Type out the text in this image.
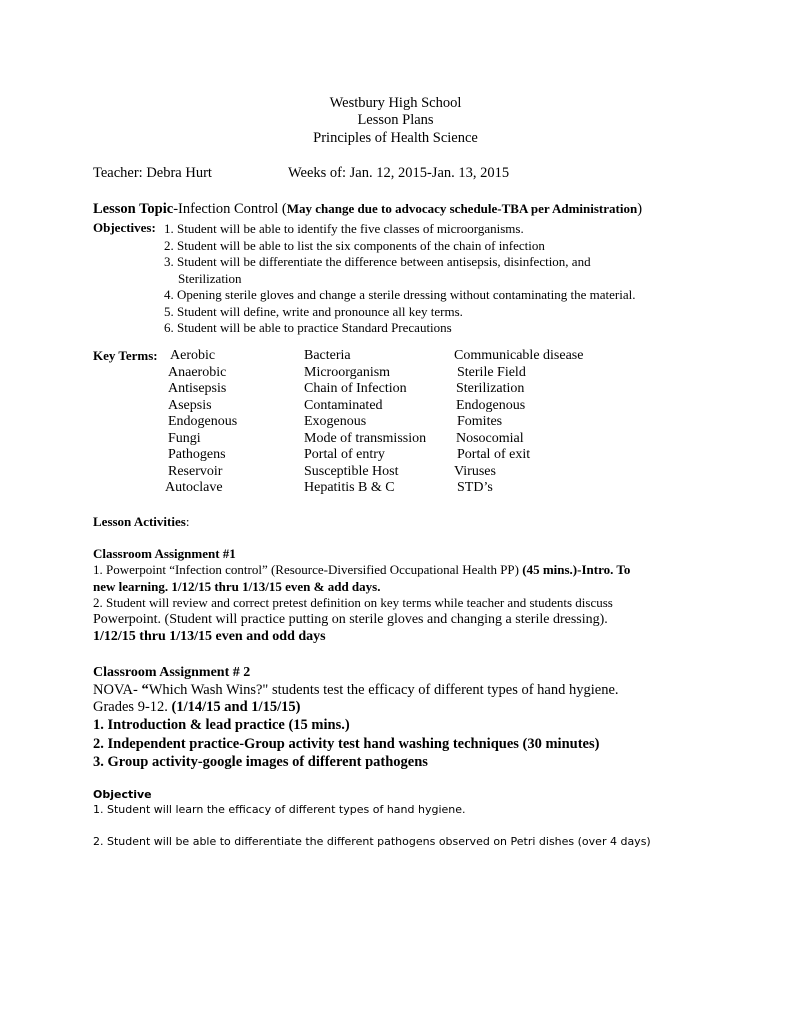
Westbury High School
Lesson Plans
Principles of Health Science
Teacher: Debra Hurt	Weeks of: Jan. 12, 2015-Jan. 13, 2015
Lesson Topic-Infection Control (May change due to advocacy schedule-TBA per Administration)
Objectives: 1. Student will be able to identify the five classes of microorganisms.
2. Student will be able to list the six components of the chain of infection
3. Student will be differentiate the difference between antisepsis, disinfection, and
Sterilization
4. Opening sterile gloves and change a sterile dressing without contaminating the material.
5. Student will define, write and pronounce all key terms.
6. Student will be able to practice Standard Precautions
Key Terms: Aerobic
Anaerobic
Antisepsis
Asepsis
Endogenous
Fungi
Pathogens
Reservoir
Autoclave
Bacteria
Microorganism
Chain of Infection
Contaminated
Exogenous
Mode of transmission
Portal of entry
Susceptible Host
Hepatitis B & C
Communicable disease
Sterile Field
Sterilization
Endogenous
Fomites
Nosocomial
Portal of exit
Viruses
STD’s
Lesson Activities:
Classroom Assignment #1
1. Powerpoint “Infection control” (Resource-Diversified Occupational Health PP) (45 mins.)-Intro. To
new learning. 1/12/15 thru 1/13/15 even & add days.
2. Student will review and correct pretest definition on key terms while teacher and students discuss
Powerpoint. (Student will practice putting on sterile gloves and changing a sterile dressing).
1/12/15 thru 1/13/15 even and odd days
Classroom Assignment # 2
NOVA- “Which Wash Wins?" students test the efficacy of different types of hand hygiene.
Grades 9-12. (1/14/15 and 1/15/15)
1. Introduction & lead practice (15 mins.)
2. Independent practice-Group activity test hand washing techniques (30 minutes)
3. Group activity-google images of different pathogens
Objective
1. Student will learn the efficacy of different types of hand hygiene.
2. Student will be able to differentiate the different pathogens observed on Petri dishes (over 4 days)
